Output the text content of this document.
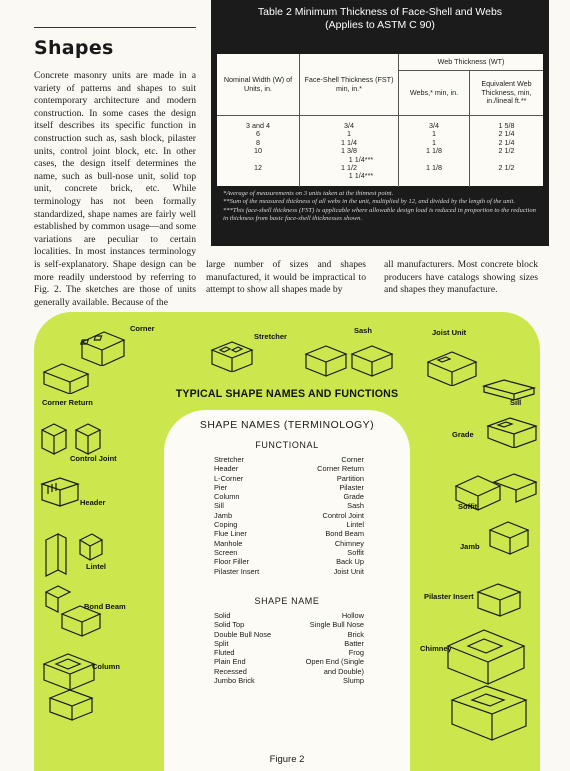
Shapes
Concrete masonry units are made in a variety of patterns and shapes to suit contemporary architecture and modern construction. In some cases the design itself describes its specific function in construction such as, sash block, pilaster units, control joint block, etc. In other cases, the design itself determines the name, such as bull-nose unit, solid top unit, concrete brick, etc. While terminology has not been formally standardized, shape names are fairly well established by common usage—and some variations are peculiar to certain localities. In most instances terminology is self-explanatory. Shape design can be more readily understood by referring to Fig. 2. The sketches are those of units generally available. Because of the
Table 2 Minimum Thickness of Face-Shell and Webs
(Applies to ASTM C 90)
Nominal Width (W) of Units, in.	Face-Shell Thickness (FST) min, in.*	Web Thickness (WT)	
		Webs,* min, in.	Equivalent Web Thickness, min, in./lineal ft.**
3 and 4	3/4	3/4	1 5/8
6	1	1	2 1/4
8	1 1/4	1	2 1/4
10	1 3/8	1 1/8	2 1/2
	1 1/4***		
12	1 1/2	1 1/8	2 1/2
	1 1/4***		

*Average of measurements on 3 units taken at the thinnest point.
**Sum of the measured thickness of all webs in the unit, multiplied by 12, and divided by the length of the unit.
***This face-shell thickness (FST) is applicable where allowable design load is reduced in proportion to the reduction in thickness from basic face-shell thicknesses shown.
large number of sizes and shapes manufactured, it would be impractical to attempt to show all shapes made by
all manufacturers. Most concrete block producers have catalogs showing sizes and shapes they manufacture.
TYPICAL SHAPE NAMES AND FUNCTIONS
Corner
Stretcher
Sash	Joist Unit
Corner Return	Sill
Control Joint
Grade
Header	Soffit
Lintel
Jamb
Bond Beam
Pilaster Insert
Column
Chimney
SHAPE NAMES (TERMINOLOGY)
FUNCTIONAL
Stretcher
Header
L-Corner
Pier
Column
Sill
Jamb
Coping
Flue Liner
Manhole
Screen
Floor Filler
Pilaster Insert
Corner
Corner Return
Partition
Pilaster
Grade
Sash
Control Joint
Lintel
Bond Beam
Chimney
Soffit
Back Up
Joist Unit
SHAPE NAME
Solid
Solid Top
Double Bull Nose
Split
Fluted
Plain End
Recessed
Jumbo Brick
Hollow
Single Bull Nose
Brick
Batter
Frog
Open End (Single
and Double)
Slump
Figure 2
